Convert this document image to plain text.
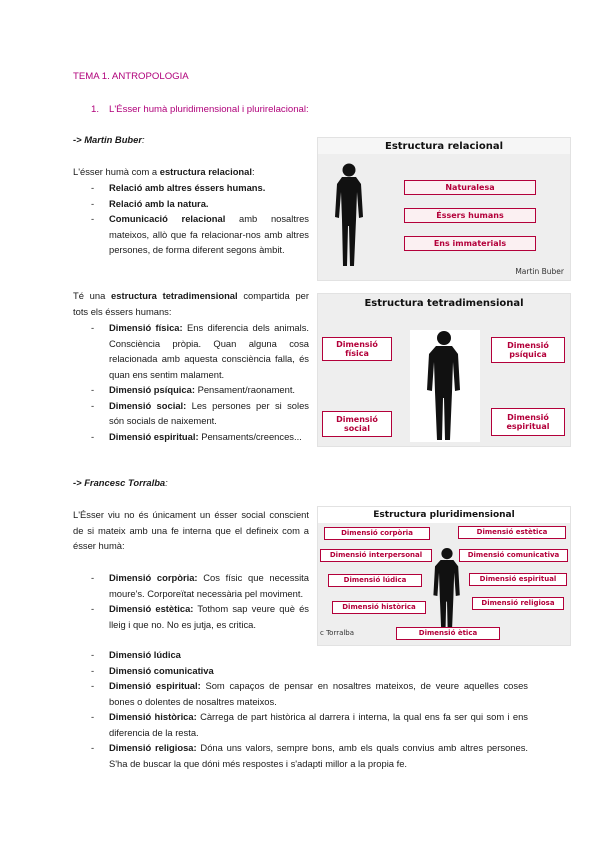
TEMA 1. ANTROPOLOGIA
1. L'Ésser humà pluridimensional i plurirelacional:
-> Martin Buber:
L'ésser humà com a estructura relacional:
- Relació amb altres éssers humans.
- Relació amb la natura.
- Comunicació relacional amb nosaltres mateixos, allò que fa relacionar-nos amb altres persones, de forma diferent segons àmbit.
Té una estructura tetradimensional compartida per tots els éssers humans:
- Dimensió física: Ens diferencia dels animals. Consciència pròpia. Quan alguna cosa relacionada amb aquesta consciència falla, és quan ens sentim malament.
- Dimensió psíquica: Pensament/raonament.
- Dimensió social: Les persones per si soles són socials de naixement.
- Dimensió espiritual: Pensaments/creences...
-> Francesc Torralba:
L'Ésser viu no és únicament un ésser social conscient de si mateix amb una fe interna que el defineix com a ésser humà:
- Dimensió corpòria: Cos físic que necessita moure's. Corporeïtat necessària pel moviment.
- Dimensió estètica: Tothom sap veure què és lleig i que no. No es jutja, es critica.
- Dimensió lúdica
- Dimensió comunicativa
- Dimensió espiritual: Som capaços de pensar en nosaltres mateixos, de veure aquelles coses bones o dolentes de nosaltres mateixos.
- Dimensió històrica: Càrrega de part històrica al darrera i interna, la qual ens fa ser qui som i ens diferencia de la resta.
- Dimensió religiosa: Dóna uns valors, sempre bons, amb els quals convius amb altres persones. S'ha de buscar la que dóni més respostes i s'adapti millor a la propia fe.
Estructura relacional
Naturalesa
Éssers humans
Ens immaterials
Martin Buber
Estructura tetradimensional
Dimensió física
Dimensió psíquica
Dimensió social
Dimensió espiritual
Estructura pluridimensional
Dimensió corpòria	Dimensió estètica
Dimensió interpersonal	Dimensió comunicativa
Dimensió lúdica	Dimensió espiritual
Dimensió històrica	Dimensió religiosa
Dimensió ètica
c Torralba
